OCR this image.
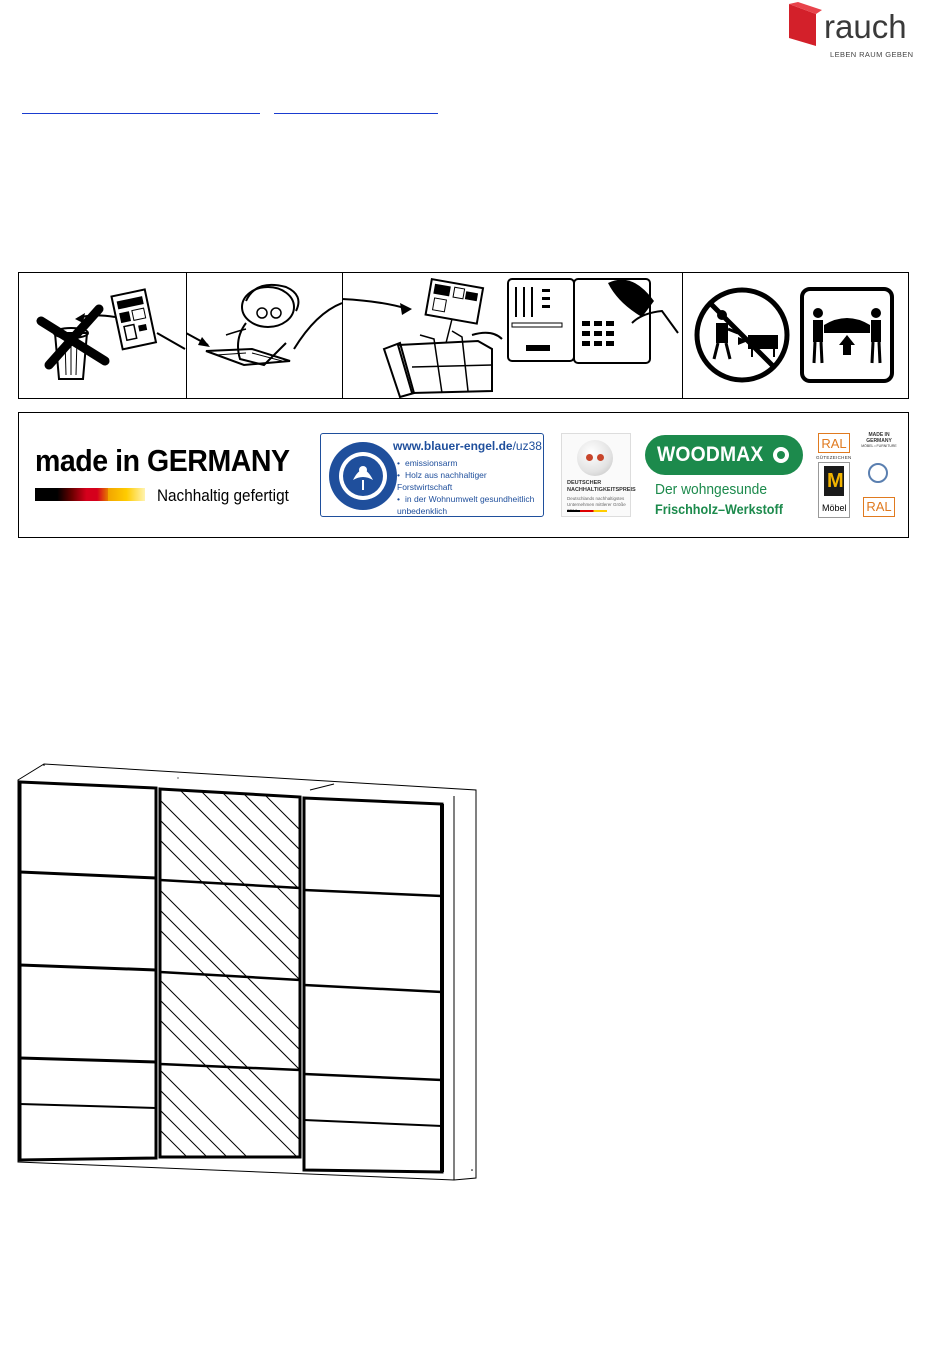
rauch
LEBEN RAUM GEBEN
made in GERMANY
Nachhaltig gefertigt
www.blauer-engel.de/uz38
• emissionsarm
• Holz aus nachhaltiger Forstwirtschaft
• in der Wohnumwelt gesundheitlich unbedenklich
DEUTSCHER NACHHALTIGKEITSPREIS
Deutschlands nachhaltigstes Unternehmen mittlerer Größe
WOODMAX
Der wohngesunde
Frischholz–Werkstoff
RAL
GÜTEZEICHEN
M
Möbel
MADE IN GERMANY
MÖBEL • FURNITURE
RAL
